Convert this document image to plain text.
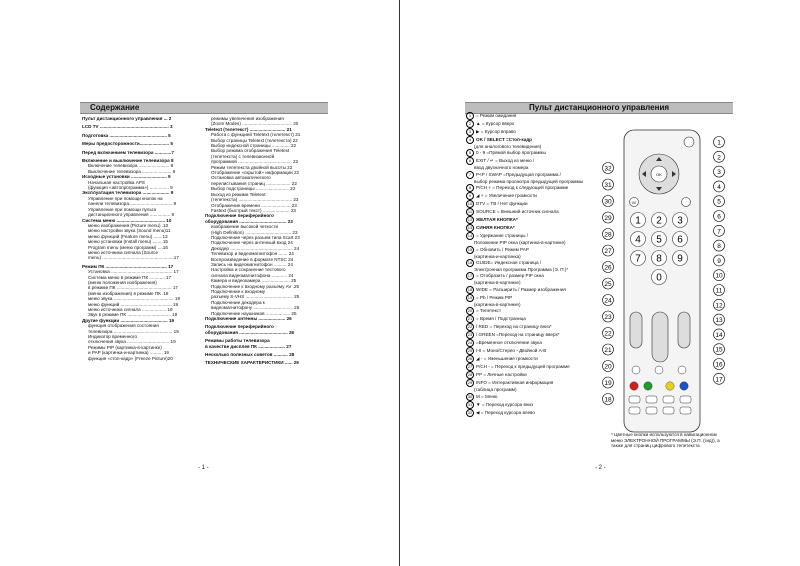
Содержание
Пульт дистанционного управления ... 2
LCD TV ...................................................... 3
Подготовка ............................................. 5
Меры предосторожности....................... 5
Перед включением телевизора .............7
Включение и выключение телевизора 8
Включение телевизора ........................ 8
Выключение телевизора ....................... 8
Исходные установки ............................ 9
Начальная настройка APS
(функция «автопрограмма») ............... 9
Эксплуатация телевизора ..................... 9
Управление при помощи кнопок на
панели телевизора.................................. 9
Управление при помощи пульта
дистанционного управления ................ 9
Система меню ...................................... 10
меню изображения (Picture menu) .10
меню настройки звука (Sound menu)11
меню функций (Feature menu) .......13
меню установки (Install menu) ........15
Program menu (меню программ) ....16
меню источника сигнала (Source
menu) ........................................................17
Режим ПК ................................................ 17
Установка ................................................ 17
Система меню в режиме ПК ............ 17
(меню положения изображения)
в режиме ПК ........................................... 17
(меню изображения) в режиме ПК .18
меню звука ............................................... 19
меню функций ........................................ 19
меню источника сигнала ................... 19
Звук в режиме ПК .................................. 19
Другие функции ..................................... 19
функция отображения состояния
телевизора .............................................. 19
Индикатор временного
отключения звука ................................. 19
Режимы PIP (картинка-в-картинке)
и PAP (картинка-и-картинка) .......... 19
функция «стоп-кадр» (Freeze Picture)20
режимы увеличения изображения
(Zoom Modes) ....................................... 20
Teletext (телетекст) ............................ 21
Работа с функцией Teletext (телетекст) 21
Выбор страницы Teletext (телетекста) 22
Выбор индексной страницы .............. 22
Выбор режима отображения Teletext
(телетекста) с телевизионной
программой .......................................... 22
Режим телетекста двойной высоты 22
Отображение «скрытой» информации 22
Остановка автоматического
перелистывания страниц ................... 22
Выбор подстраницы .......................... 22
Выход из режима Teletext
(телетекста) .......................................... 23
Отображение времени ....................... 23
Fastext (быстрый текст) ..................... 23
Подключение периферийного
оборудования ..................................... 23
изображение высокой четкости
(High Definition) .................................... 23
Подключение через разъем типа Scart 23
Подключение через антенный вход 24
Декодер ................................................. 24
Телевизор и видеомагнитофон ....... 24
Воспроизведение в формате NTSC 24
Запись на видеомагнитофон .......... 24
Настройка и сохранение тестового
сигнала видеомагнитофона ............ 24
Камера и видеокамера ...................... 25
Подключение к входному разъему AV .25
Подключение к входному
разъему S-VHS ..................................... 25
Подключение декодера к
видеомагнитофону ............................... 25
Подключение наушников ................... 25
Подключение антенны ..................... 26
Подключение периферийного
оборудования ...................................... 26
Режимы работы телевизора
в качестве дисплея ПК ..................... 27
Несколько полезных советов ........... 28
ТЕХНИЧЕСКИЕ ХАРАКТЕРИСТИКИ ...... 29
- 1 -
Пульт дистанционного управления
1 = Режим ожидания
2 ▲ = Курсор вверх
3 ▶ = Курсор вправо
4 OK / SELECT =Стоп-кадр
(для аналогового телевидения)
5 0 - 9 =Прямой выбор программы
6 EXIT / ↵ = Выход из меню /
ввод двузначного номера
7 P<P / SWAP =Предыдущая программа /
выбор режима просмотра предыдущей программы
8 P/CH + = Переход к следующей программе
9 ◢ + = Увеличение громкости
10 DTV = ТВ / Нет функции
11 SOURCE = Внешний источник сигнала
12 ЖЕЛТАЯ КНОПКА*
13 СИНЯЯ КНОПКА*
14 = Удержание страницы /
Положение PIP окна (картинка-в-картинке)
15 = Обновить / Режим PAP
(картинка-и-картинка)
16 GUIDE= Индексная страница /
Электронная программа Программа (Э. П.)*
17 = Отобразить / размер PIP окна
(картинка-в-картинке)
18 WIDE = Расширить / Размер изображения
19 = Pb / Режим PIP
(картинка-в-картинке)
20 = Телетекст
21 = Время / Подстраница
22 / RED = Переход на страницу вниз*
23 / GREEN =Переход на страницу вверх*
24 =Временное отключение звука
25 I-II = Моно/Стерео - Двойной А-В
26 ◢ - = Уменьшение громкости
27 P/CH - = Переход к предыдущей программе
28 PP = Личные настройки
29 INFO = Интерактивная информация
(таблица программ)
30 M = Меню
31 ▼ = Переход курсора вниз
32 ◀ = Переход курсора влево
* Цветные кнопки используются в навигационном меню ЭЛЕКТРОННОЙ ПРОГРАММЫ (Э.П. (гид)), а также для страниц цифрового телетекста
- 2 -
OK
M
1 2 3
4 5 6
7 8 9
0
1
2
3
4
5
6
7
8
9
10
11
12
13
14
15
16
17
32
31
30
29
28
27
26
25
24
23
22
21
20
19
18
